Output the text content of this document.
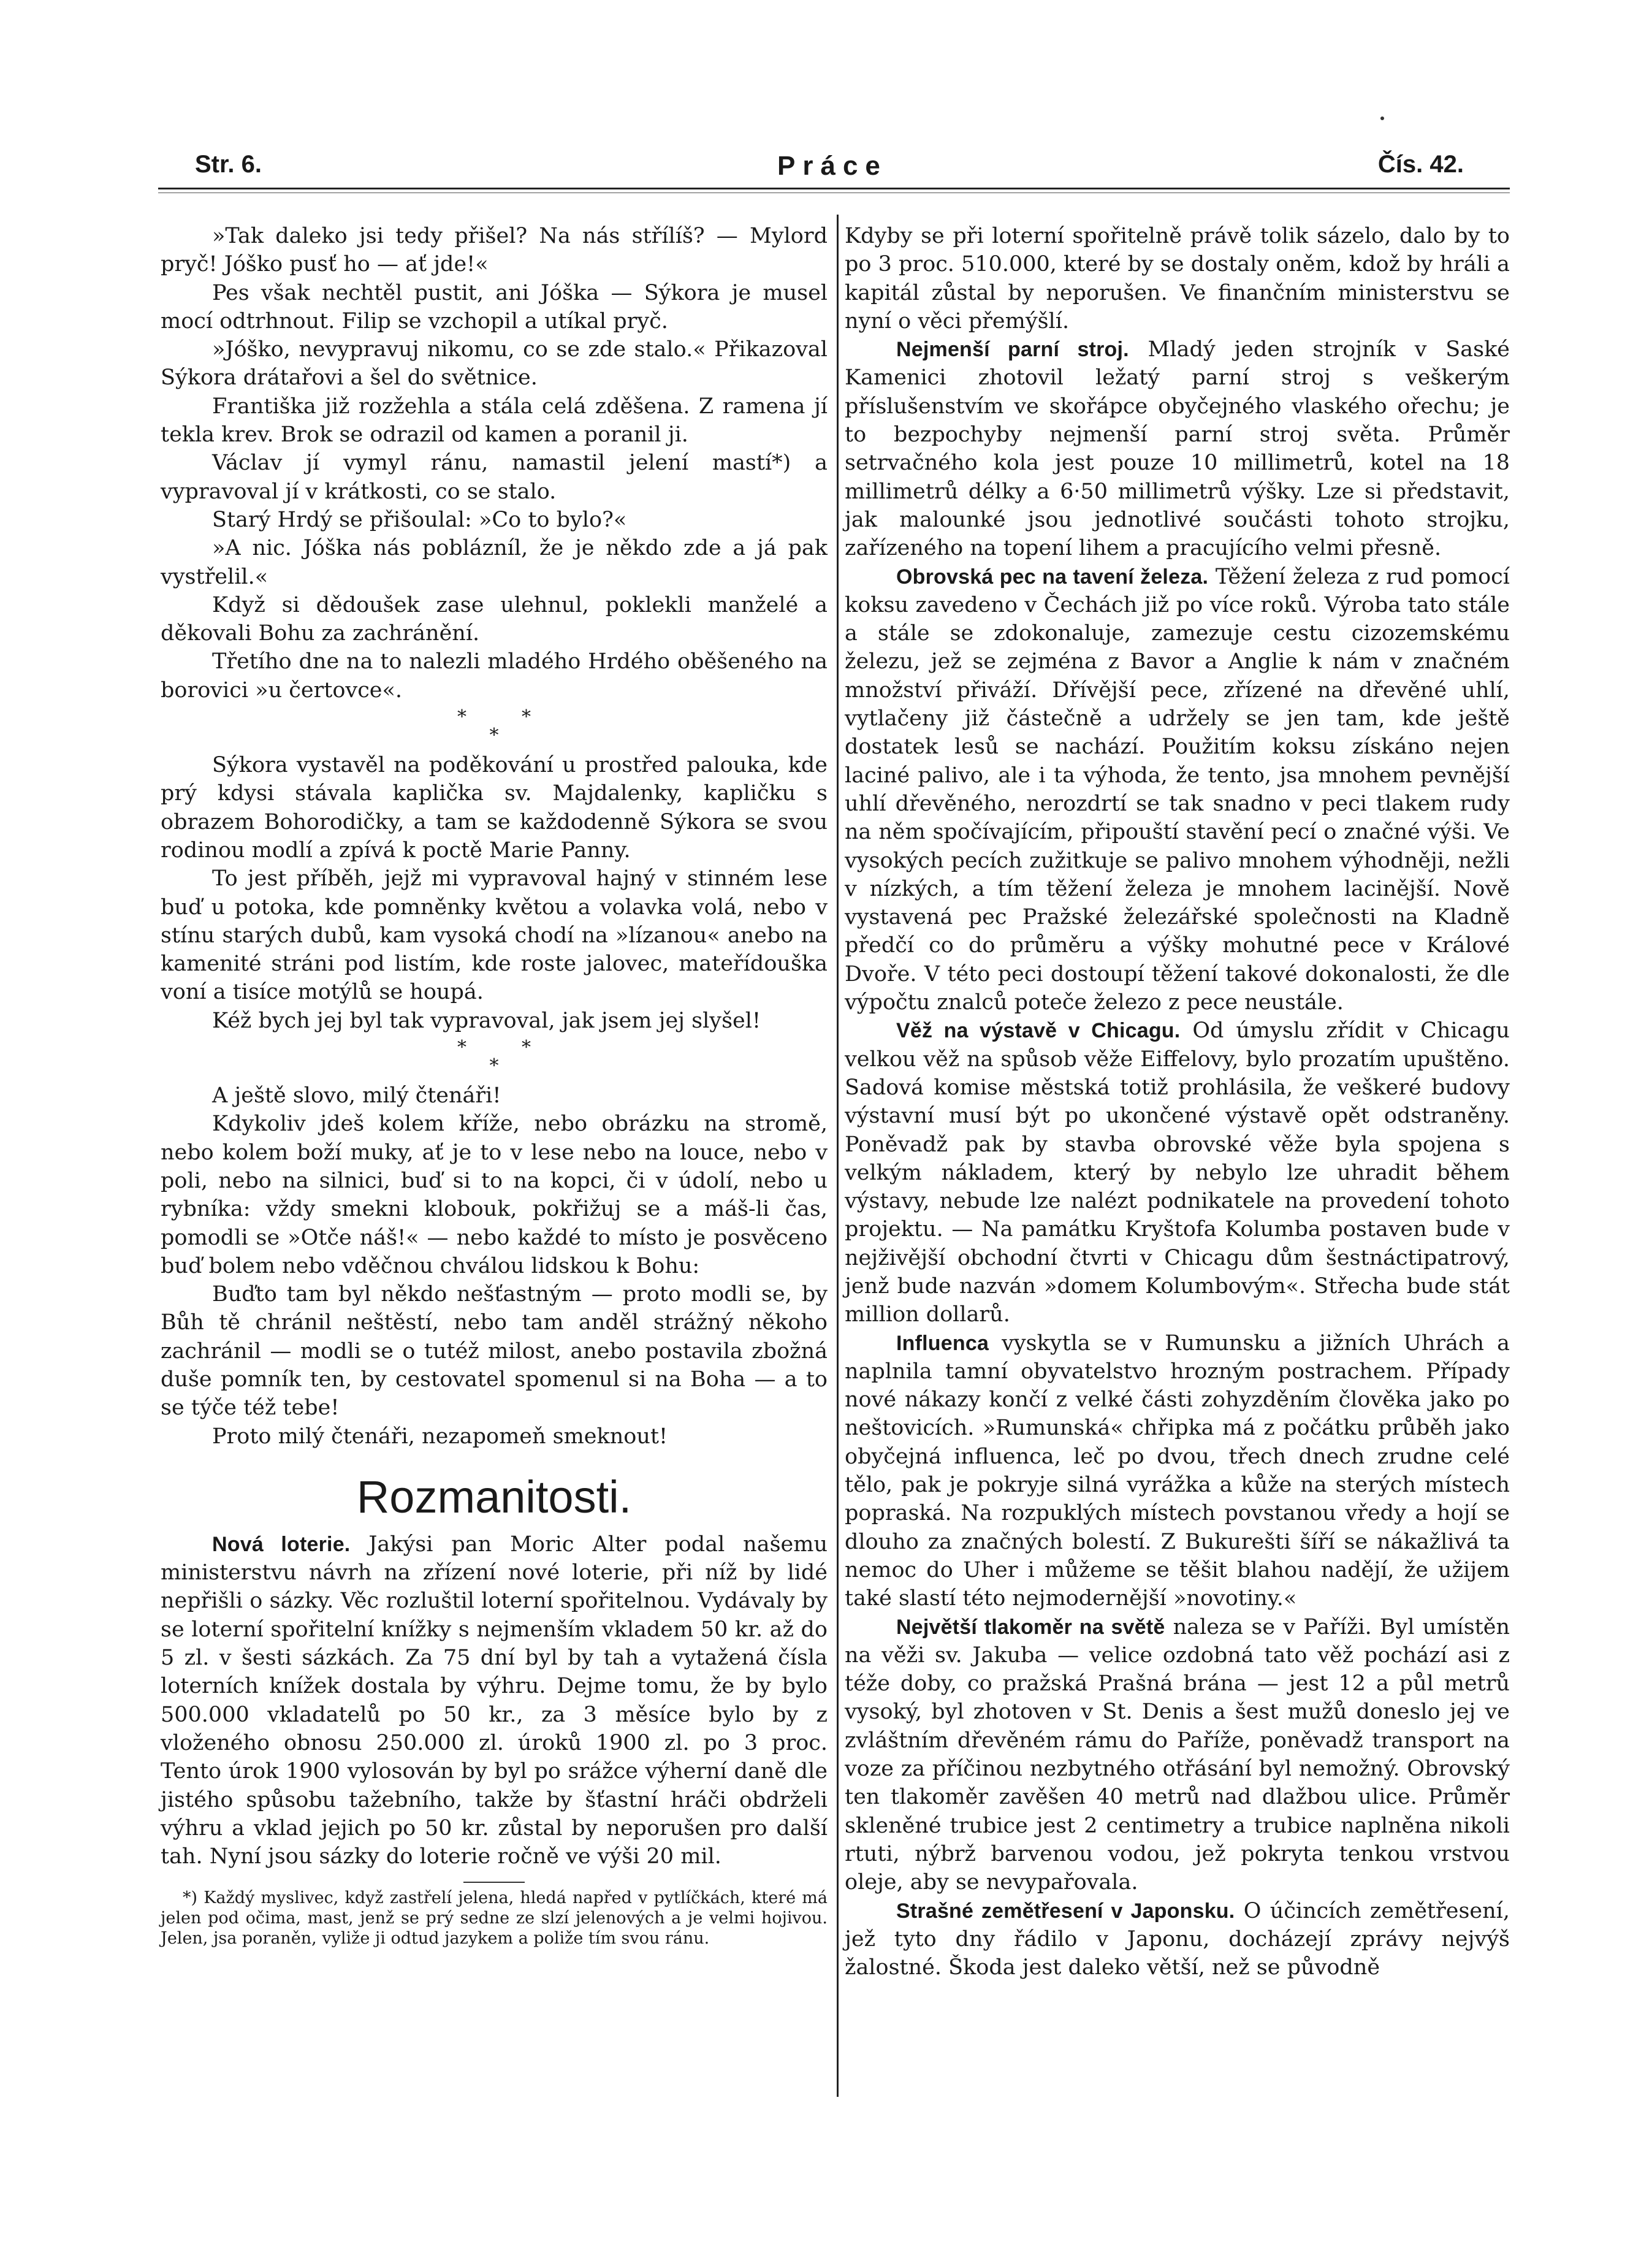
Str. 6.	Práce	Čís. 42.

»Tak daleko jsi tedy přišel? Na nás střílíš? — Mylord pryč! Jóško pusť ho — ať jde!«

Pes však nechtěl pustit, ani Jóška — Sýkora je musel mocí odtrhnout. Filip se vzchopil a utíkal pryč.

»Jóško, nevypravuj nikomu, co se zde stalo.« Přikazoval Sýkora drátařovi a šel do světnice.

Františka již rozžehla a stála celá zděšena. Z ramena jí tekla krev. Brok se odrazil od kamen a poranil ji.

Václav jí vymyl ránu, namastil jelení mastí*) a vypravoval jí v krátkosti, co se stalo.

Starý Hrdý se přišoulal: »Co to bylo?«

»A nic. Jóška nás poblázníl, že je někdo zde a já pak vystřelil.«

Když si dědoušek zase ulehnul, poklekli manželé a děkovali Bohu za zachránění.

Třetího dne na to nalezli mladého Hrdého oběšeného na borovici »u čertovce«.

**
*

Sýkora vystavěl na poděkování u prostřed palouka, kde prý kdysi stávala kaplička sv. Majdalenky, kapličku s obrazem Bohorodičky, a tam se každodenně Sýkora se svou rodinou modlí a zpívá k poctě Marie Panny.

To jest příběh, jejž mi vypravoval hajný v stinném lese buď u potoka, kde pomněnky květou a volavka volá, nebo v stínu starých dubů, kam vysoká chodí na »lízanou« anebo na kamenité stráni pod listím, kde roste jalovec, mateřídouška voní a tisíce motýlů se houpá.

Kéž bych jej byl tak vypravoval, jak jsem jej slyšel!

**
*

A ještě slovo, milý čtenáři!

Kdykoliv jdeš kolem kříže, nebo obrázku na stromě, nebo kolem boží muky, ať je to v lese nebo na louce, nebo v poli, nebo na silnici, buď si to na kopci, či v údolí, nebo u rybníka: vždy smekni klobouk, pokřižuj se a máš-li čas, pomodli se »Otče náš!« — nebo každé to místo je posvěceno buď bolem nebo vděčnou chválou lidskou k Bohu:

Buďto tam byl někdo nešťastným — proto modli se, by Bůh tě chránil neštěstí, nebo tam anděl strážný někoho zachránil — modli se o tutéž milost, anebo postavila zbožná duše pomník ten, by cestovatel spomenul si na Boha — a to se týče též tebe!

Proto milý čtenáři, nezapomeň smeknout!

Rozmanitosti.

Nová loterie. Jakýsi pan Moric Alter podal našemu ministerstvu návrh na zřízení nové loterie, při níž by lidé nepřišli o sázky. Věc rozluštil loterní spořitelnou. Vydávaly by se loterní spořitelní knížky s nejmenším vkladem 50 kr. až do 5 zl. v šesti sázkách. Za 75 dní byl by tah a vytažená čísla loterních knížek dostala by výhru. Dejme tomu, že by bylo 500.000 vkladatelů po 50 kr., za 3 měsíce bylo by z vloženého obnosu 250.000 zl. úroků 1900 zl. po 3 proc. Tento úrok 1900 vylosován by byl po srážce výherní daně dle jistého spůsobu tažebního, takže by šťastní hráči obdrželi výhru a vklad jejich po 50 kr. zůstal by neporušen pro další tah. Nyní jsou sázky do loterie ročně ve výši 20 mil.

*) Každý myslivec, když zastřelí jelena, hledá napřed v pytlíčkách, které má jelen pod očima, mast, jenž se prý sedne ze slzí jelenových a je velmi hojivou. Jelen, jsa poraněn, vyliže ji odtud jazykem a poliže tím svou ránu.

Kdyby se při loterní spořitelně právě tolik sázelo, dalo by to po 3 proc. 510.000, které by se dostaly oněm, kdož by hráli a kapitál zůstal by neporušen. Ve finančním ministerstvu se nyní o věci přemýšlí.

Nejmenší parní stroj. Mladý jeden strojník v Saské Kamenici zhotovil ležatý parní stroj s veškerým příslušenstvím ve skořápce obyčejného vlaského ořechu; je to bezpochyby nejmenší parní stroj světa. Průměr setrvačného kola jest pouze 10 millimetrů, kotel na 18 millimetrů délky a 6·50 millimetrů výšky. Lze si představit, jak malounké jsou jednotlivé součásti tohoto strojku, zařízeného na topení lihem a pracujícího velmi přesně.

Obrovská pec na tavení železa. Těžení železa z rud pomocí koksu zavedeno v Čechách již po více roků. Výroba tato stále a stále se zdokonaluje, zamezuje cestu cizozemskému železu, jež se zejména z Bavor a Anglie k nám v značném množství přiváží. Dřívější pece, zřízené na dřevěné uhlí, vytlačeny již částečně a udržely se jen tam, kde ještě dostatek lesů se nachází. Použitím koksu získáno nejen laciné palivo, ale i ta výhoda, že tento, jsa mnohem pevnější uhlí dřevěného, nerozdrtí se tak snadno v peci tlakem rudy na něm spočívajícím, připouští stavění pecí o značné výši. Ve vysokých pecích zužitkuje se palivo mnohem výhodněji, nežli v nízkých, a tím těžení železa je mnohem lacinější. Nově vystavená pec Pražské železářské společnosti na Kladně předčí co do průměru a výšky mohutné pece v Králové Dvoře. V této peci dostoupí těžení takové dokonalosti, že dle výpočtu znalců poteče železo z pece neustále.

Věž na výstavě v Chicagu. Od úmyslu zřídit v Chicagu velkou věž na spůsob věže Eiffelovy, bylo prozatím upuštěno. Sadová komise městská totiž prohlásila, že veškeré budovy výstavní musí být po ukončené výstavě opět odstraněny. Poněvadž pak by stavba obrovské věže byla spojena s velkým nákladem, který by nebylo lze uhradit během výstavy, nebude lze nalézt podnikatele na provedení tohoto projektu. — Na památku Kryštofa Kolumba postaven bude v nejživější obchodní čtvrti v Chicagu dům šestnáctipatrový, jenž bude nazván »domem Kolumbovým«. Střecha bude stát million dollarů.

Influenca vyskytla se v Rumunsku a jižních Uhrách a naplnila tamní obyvatelstvo hrozným postrachem. Případy nové nákazy končí z velké části zohyzděním člověka jako po neštovicích. »Rumunská« chřipka má z počátku průběh jako obyčejná influenca, leč po dvou, třech dnech zrudne celé tělo, pak je pokryje silná vyrážka a kůže na sterých místech popraská. Na rozpuklých místech povstanou vředy a hojí se dlouho za značných bolestí. Z Bukurešti šíří se nákažlivá ta nemoc do Uher i můžeme se těšit blahou nadějí, že užijem také slastí této nejmodernější »novotiny.«

Největší tlakoměr na světě naleza se v Paříži. Byl umístěn na věži sv. Jakuba — velice ozdobná tato věž pochází asi z téže doby, co pražská Prašná brána — jest 12 a půl metrů vysoký, byl zhotoven v St. Denis a šest mužů doneslo jej ve zvláštním dřevěném rámu do Paříže, poněvadž transport na voze za příčinou nezbytného otřásání byl nemožný. Obrovský ten tlakoměr zavěšen 40 metrů nad dlažbou ulice. Průměr skleněné trubice jest 2 centimetry a trubice naplněna nikoli rtuti, nýbrž barvenou vodou, jež pokryta tenkou vrstvou oleje, aby se nevypařovala.

Strašné zemětřesení v Japonsku. O účincích zemětřesení, jež tyto dny řádilo v Japonu, docházejí zprávy nejvýš žalostné. Škoda jest daleko větší, než se původně
